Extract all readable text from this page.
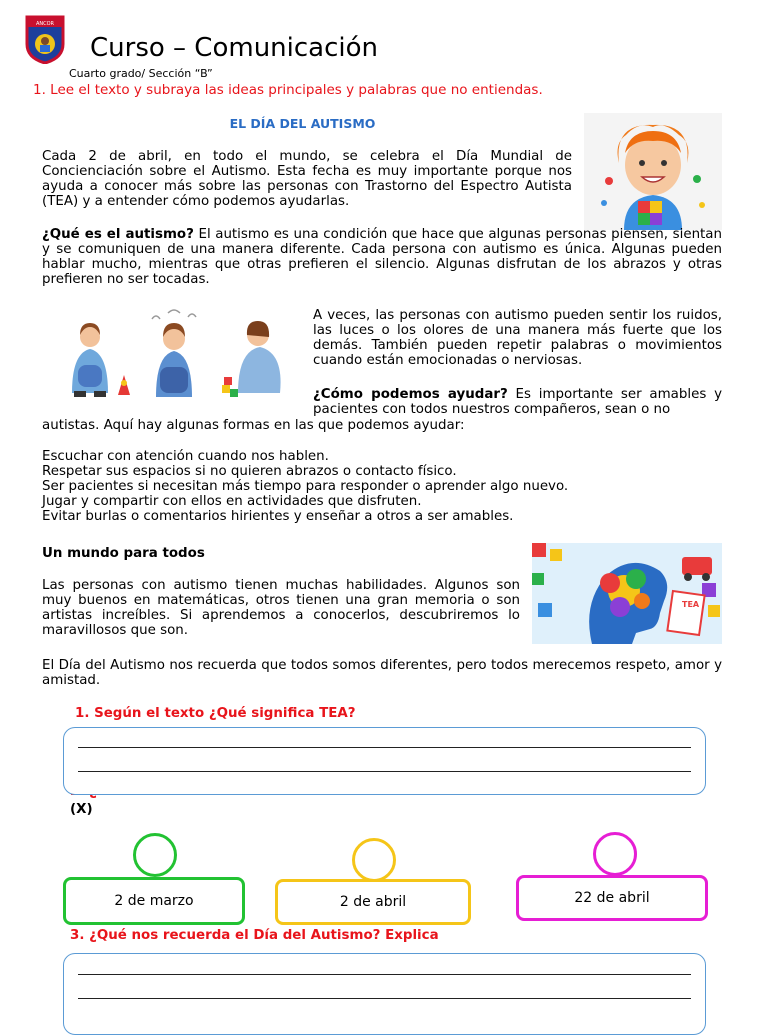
ANCOR
Curso – Comunicación
Cuarto grado/ Sección “B”
1. Lee el texto y subraya las ideas principales y palabras que no entiendas.
EL DÍA DEL AUTISMO

Cada 2 de abril, en todo el mundo, se celebra el Día Mundial de Concienciación sobre el Autismo. Esta fecha es muy importante porque nos ayuda a conocer más sobre las personas con Trastorno del Espectro Autista (TEA) y a entender cómo podemos ayudarlas.

¿Qué es el autismo? El autismo es una condición que hace que algunas personas piensen, sientan y se comuniquen de una manera diferente. Cada persona con autismo es única. Algunas pueden hablar mucho, mientras que otras prefieren el silencio. Algunas disfrutan de los abrazos y otras prefieren no ser tocadas.

A veces, las personas con autismo pueden sentir los ruidos, las luces o los olores de una manera más fuerte que los demás. También pueden repetir palabras o movimientos cuando están emocionadas o nerviosas.

¿Cómo podemos ayudar? Es importante ser amables y pacientes con todos nuestros compañeros, sean o no

autistas. Aquí hay algunas formas en las que podemos ayudar:

Escuchar con atención cuando nos hablen.
Respetar sus espacios si no quieren abrazos o contacto físico.
Ser pacientes si necesitan más tiempo para responder o aprender algo nuevo.
Jugar y compartir con ellos en actividades que disfruten.
Evitar burlas o comentarios hirientes y enseñar a otros a ser amables.
Un mundo para todos
TEA

Las personas con autismo tienen muchas habilidades. Algunos son muy buenos en matemáticas, otros tienen una gran memoria o son artistas increíbles. Si aprendemos a conocerlos, descubriremos lo maravillosos que son.

El Día del Autismo nos recuerda que todos somos diferentes, pero todos merecemos respeto, amor y amistad.

1. Según el texto ¿Qué significa TEA?
(X)
2 de marzo	2 de abril	22 de abril
3. ¿Qué nos recuerda el Día del Autismo? Explica
